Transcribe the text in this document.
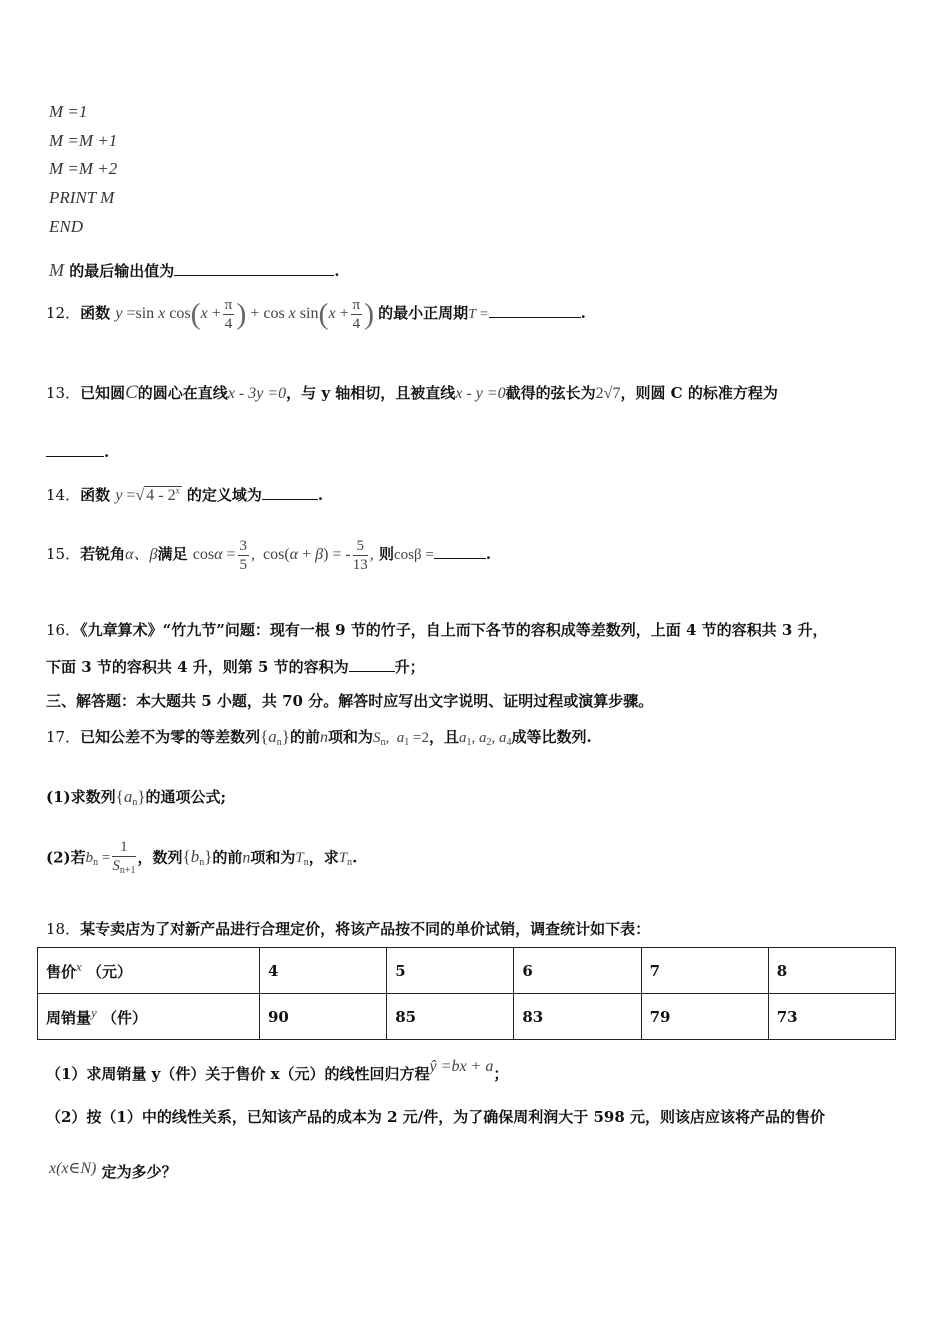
M =1
M =M +1
M =M +2
PRINT M
END
M 的最后输出值为	.
12．函数 y =sin x $\cos(x + \frac{\pi}{4}$ ) + cos x $\sin(x + \frac{\pi}{4}$ ) 的最小正周期T =	.
13．已知圆C的圆心在直线x - 3y =0，与 y 轴相切，且被直线x - y =0截得的弦长为2√7，则圆 C 的标准方程为
.
14．函数 y =√ 4 - 2$^x$ 的定义域为	.
15．若锐角α、β满足 $\cos\alpha = \frac{3}{5}$ ,  cos(α + β) = - $\frac{5}{13}$ , 则cosβ =	.
16．《九章算术》“竹九节”问题：现有一根 9 节的竹子，自上而下各节的容积成等差数列，上面 4 节的容积共 3 升，
下面 3 节的容积共 4 升，则第 5 节的容积为	升；
三、解答题：本大题共 5 小题，共 70 分。解答时应写出文字说明、证明过程或演算步骤。
17．已知公差不为零的等差数列$\{a_n\}$的前n项和为$S_n$,  $a_1 =2$，且$a_1$, $a_2$, $a_4$成等比数列.
(1)求数列$\{a_n\}$的通项公式;
(2)若$b_n = \frac{1}{S_{n+1}}$ ，数列$\{b_n\}$的前n项和为$T_n$，求$T_n$.
18．某专卖店为了对新产品进行合理定价，将该产品按不同的单价试销，调查统计如下表：
售价$^x$ （元）	4	5	6	7	8
周销量$^y$ （件）	90	85	83	79	73
（1）求周销量 y（件）关于售价 x（元）的线性回归方程ŷ =bx + a；
（2）按（1）中的线性关系，已知该产品的成本为 2 元/件，为了确保周利润大于 598 元，则该店应该将产品的售价
x(x∈N) 定为多少？
